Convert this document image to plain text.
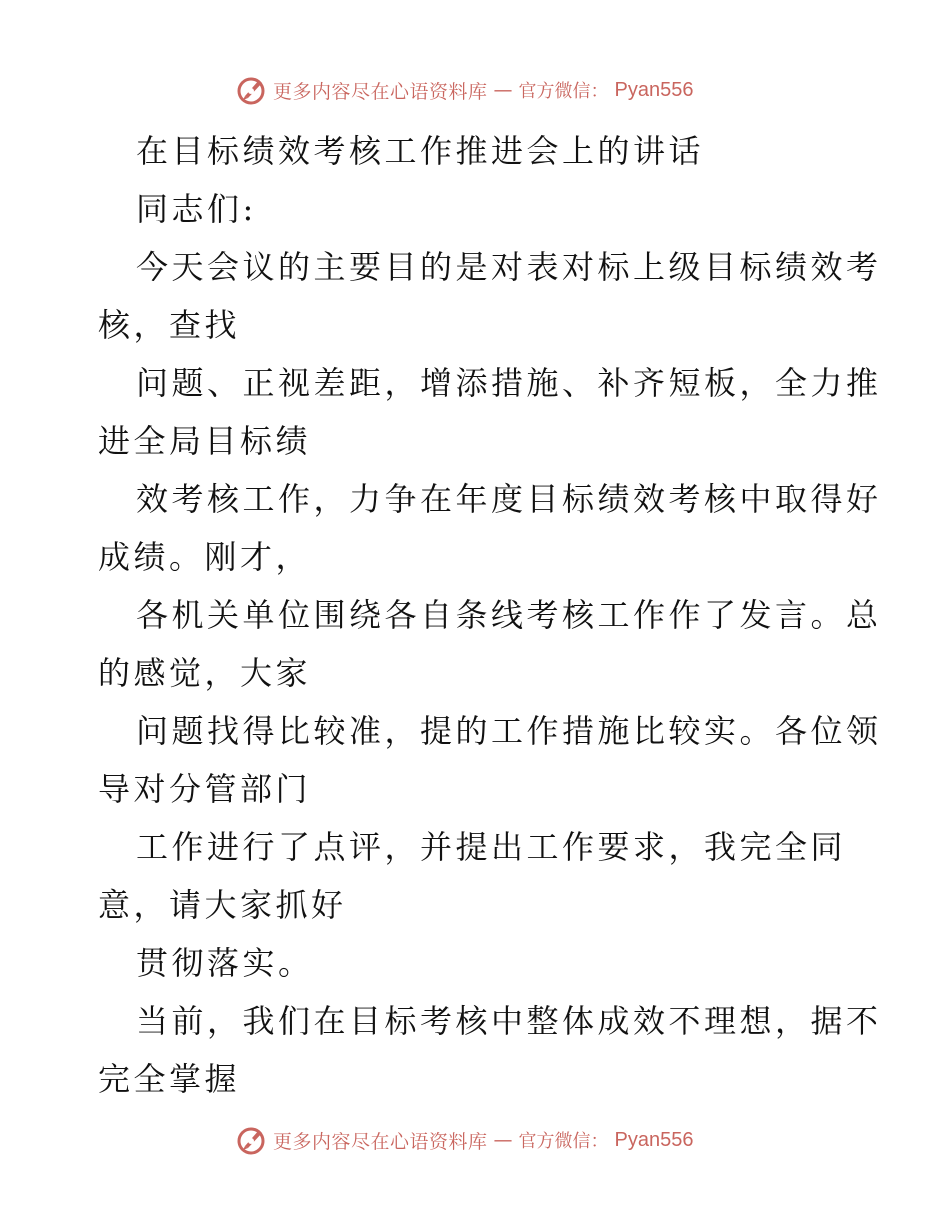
更多内容尽在心语资料库 — 官方微信： Pyan556

在目标绩效考核工作推进会上的讲话

同志们:

今天会议的主要目的是对表对标上级目标绩效考

核，查找

问题、正视差距，增添措施、补齐短板，全力推

进全局目标绩

效考核工作，力争在年度目标绩效考核中取得好

成绩。刚才，

各机关单位围绕各自条线考核工作作了发言。总

的感觉，大家

问题找得比较准，提的工作措施比较实。各位领

导对分管部门

工作进行了点评，并提出工作要求，我完全同

意，请大家抓好

贯彻落实。

当前，我们在目标考核中整体成效不理想，据不

完全掌握

更多内容尽在心语资料库 — 官方微信： Pyan556
